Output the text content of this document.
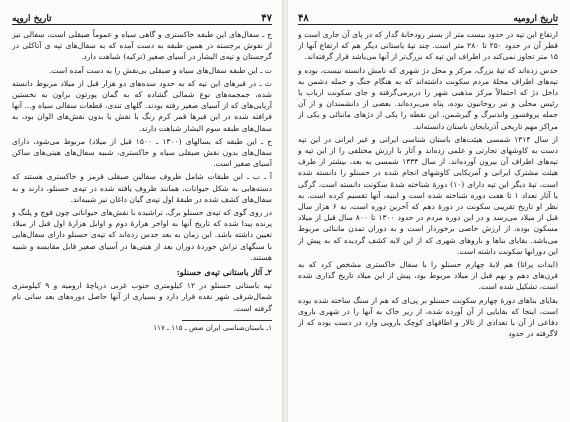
۴۷
تاریخ اروپه

ج ـ سفال‌های این طبقه خاکستری و گاهی سیاه و عموماً صیقلی است، سفالی نیز از نقوش برجسته در همین طبقه به دست آمده که به سفال‌های تپه ی آتاکلی در گرجستان و تپه‌ی الیشار در آسیای صغیر (ترکیه) شباهت دارد.

ت ـ این طبقه سفال‌های سیاه و صیقلی بی‌نقش را به دست آمده است.

ث ـ در قبرهای این تپه که به حدود سده‌های دو هزار قبل از میلاد مربوط دانسته شده، جمجمه‌های نوع شمالی گشاده که به گمان پورتون براون به نخستین آریایی‌های که از آسیای صغیر رفته بودند. گلهای تندی، قطعات سفالی سیاه و... آنها فرافته شده در این قبرها قمر کرم رنگ با نقش یا بدون نقش‌های الوان بود، به سفال‌های طبقه سوم الیشار شباهت دارند.

ح ـ این طبقه که بسالهای (۱۳۰۰ ـ ۱۵۰۰ قبل از میلاد) مربوط می‌شود، دارای سفال‌های بدون نقش صیقلی سیاه و خاکستری، شبیه سفال‌های هیتی‌های ساکن آسیای صغیر است.

آ ـ ب ـ این طبقات شامل ظروف سفالین صیقلی قرمز و خاکستری هستند که دسته‌هایی به شکل حیوانات، همانند ظروف یافته شده در تپه‌ی حسنلو، دارند و به سفال‌های کشف شده در طبقهٔ اول تپه‌ی گیان داغان نیز شبیه‌اند.

در روی گوی که تپه‌ی حسنلو برگ، تراشیده با نقش‌های حیواناتی چون قوچ و پلنگ و پرنده پیدا شده که تاریخ آنها به اواخر هزارهٔ دوم و اوایل هزارهٔ اول قبل از میلاد تعیین داشته باشد. این زمان به بعد حدس زده‌اند که تپه‌ی حسنلو دارای سفال‌هایی با سنگهای تراش خوردهٔ دوران بعد از هیتی‌ها در آسیای صغیر قابل مقایسه و شبیه هستند.

۲ـ آثار باستانی تپه‌ی حسنلو:

تپه باستانی حسنلو در ۱۲ کیلومتری جنوب غربی دریاچهٔ ارومیه و ۹ کیلومتری شمال‌شرقی شهر نقده قرار دارد و بسیاری از آنها حاصل دوره‌های بعد سانی نام گرفته است.

۱ـ باستان‌شناسی ایران صص ـ ۱۱۵ ـ ۱۱۷
تاریخ ارومیه
۴۸

ارتفاع این تپه در حدود بیست متر از بستر رودخانهٔ گدار که در پای آن جاری است و قطر آن در حدود ۲۵۰ تا ۲۸۰ متر است. چند تپهٔ باستانی دیگر هم که ارتفاع آنها از ۱۵ متر تجاوز نمی‌کند در اطراف این تپه که بزرگ‌تر از آنها می‌باشد قرار گرفته‌اند.

حدس زده‌اند که تپهٔ بزرگ، مرکز و محل دژ شهری که نامش دانسته نیست، بوده و تپه‌های اطراف محلهٔ مردم سکونت داشته‌اند که به هنگام جنگ و حمله دشمن به داخل دژ که احتمالاً مرکز مذهبی شهر را دربرمی‌گرفته و جای سکونت ارباب یا رئیس محلی و نیز روحانیون بوده، پناه می‌برده‌اند. بعضی از دانشمندان و از آن جمله پروفسور واندنبرگ و گیرشمن، این نقطه را یکی از دژهای ماننائی و یکی از مراکز مهم تاریخی آذربایجان باستان دانسته‌اند.

از سال ۱۳۱۴ شمسی هیئت‌های باستان شناسی ایرانی و غیر ایرانی در این تپه دست به کاوشهای تجارتی و علمی زده‌اند و آثار با ارزش مختلفی را از این تپه و تپه‌های اطراف آن بیرون آورده‌اند. از سال ۱۳۳۴ شمسی به بعد، بیشتر از طرف هیئت مشترک ایرانی و آمریکایی کاوشهای انجام شده در حسنلو را دانسته شده است، تپهٔ دیگر این تپه دارای (۱۰) دورهٔ شناخته شدهٔ سکونت دانسته است، گرگی یا آثار تعداد ۱ تا هفت دوره شناخته شده است و ابنیه، آنها تقسیم کرده است. به نظر او تاریخ تقریبی سکونت در دورهٔ دهم که آخرین دوره است، به ۶ هزار سال قبل از میلاد می‌رسد و در این دوره مردم در حدود ۱۳۰۰ تا ۸۰۰ سال قبل از میلاد مسکون بوده، از ارزش خاصی برخوردار است و به دوران تمدن ماننائی مربوط می‌باشد. بقایای بناها و باروهای شهری که از این لایه کشف گردیده که به پیش از این دورانها سکونت داشته است.

(ایدات پراتا) هم لایهٔ چهارم حسنلو را با سفال خاکستری مشخص کرد که به قرن‌های دهم و نهم قبل از میلاد مربوط بود، پیش از این میلاد تاریخ گذاری شده است، تشکیل شده است.

بقایای بناهای دورهٔ چهارم سکونت حسنلو بر پی‌ای که هم از سنگ ساخته شده بوده است، اینجا که بقایایی از آن آورده شده، از زیر خاک به آنها را در شهری باروی دفاعی از آن با تعدادی از تالار و اطاقهای کوچک بارویی وارد در دست بوده که از لاگرفته در حدود
